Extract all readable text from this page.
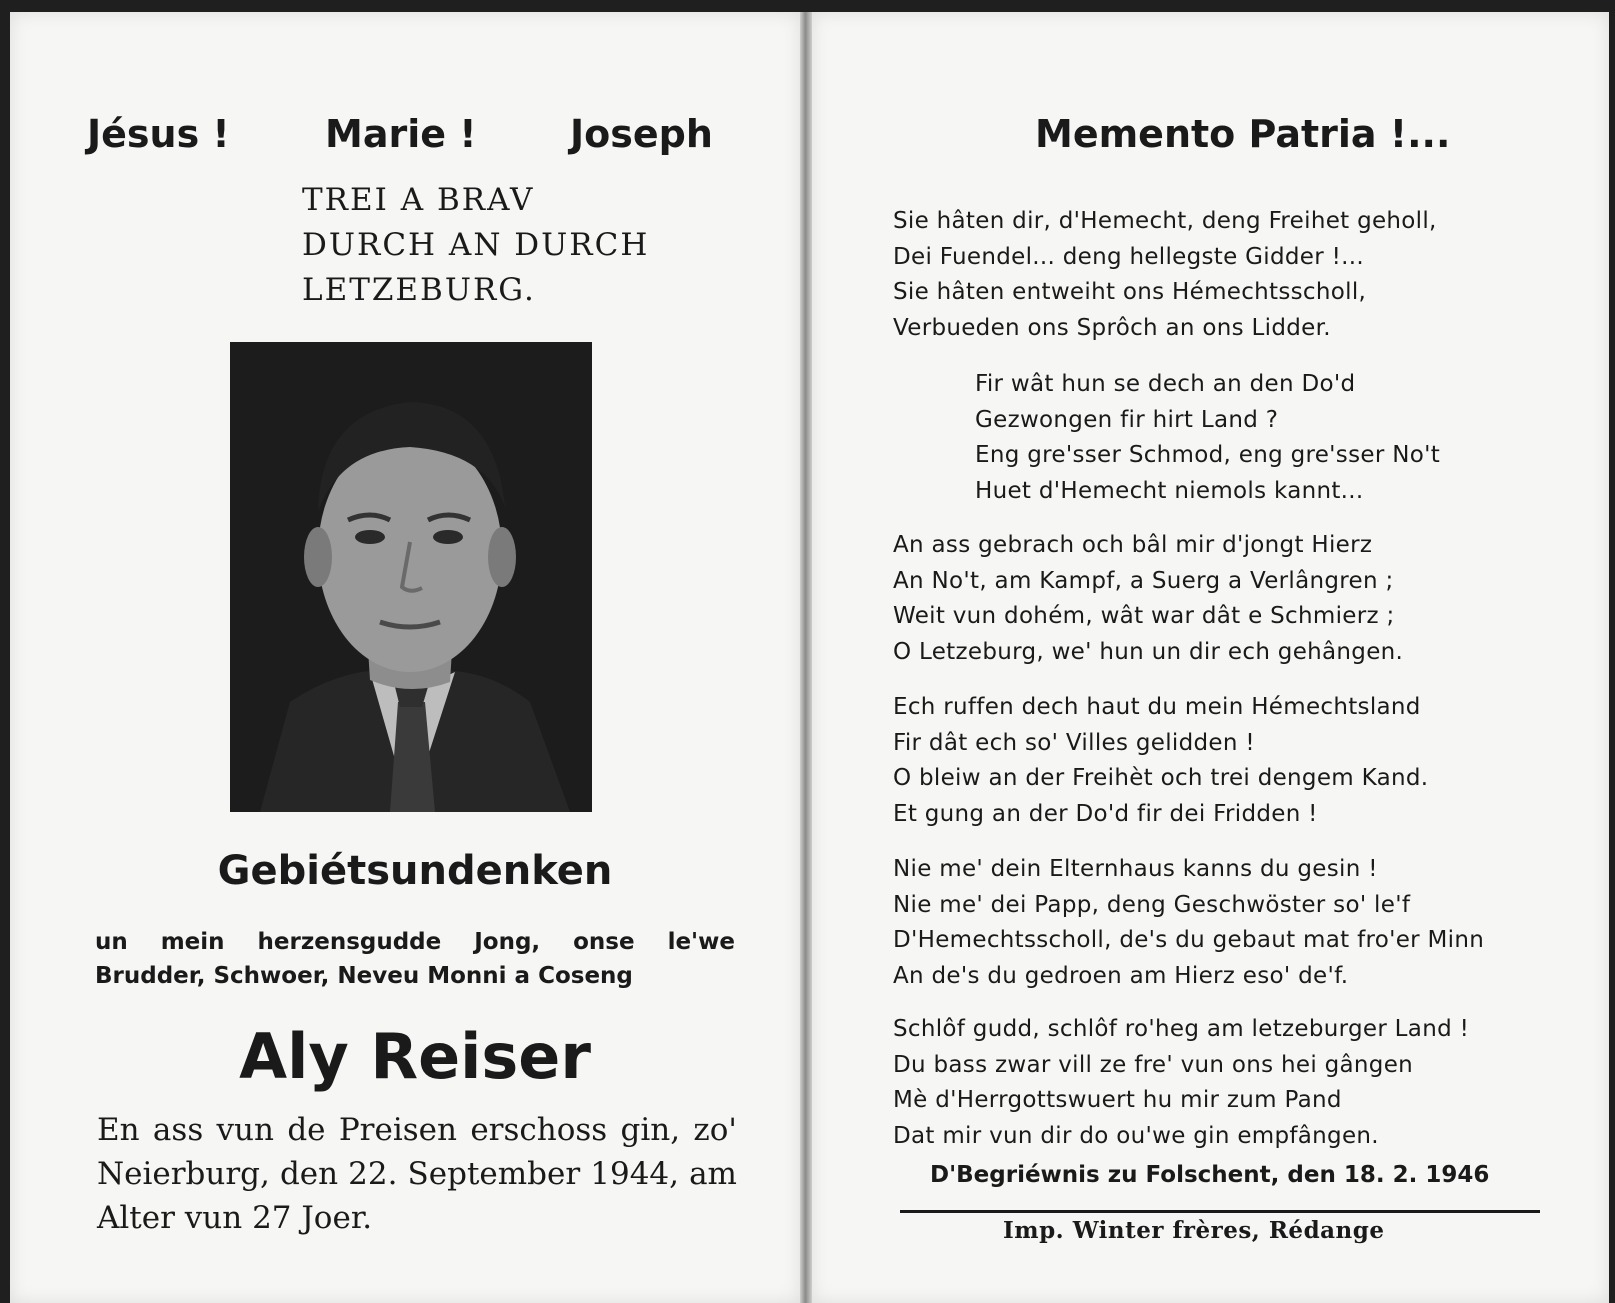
Jésus !	Marie ! Joseph

TREI A BRAV
DURCH AN DURCH
LETZEBURG.

Gebiétsundenken

un mein herzensgudde Jong, onse le'we
Brudder, Schwoer, Neveu Monni a Coseng

Aly Reiser

En ass vun de Preisen erschoss gin, zo'
Neierburg, den 22. September 1944, am
Alter vun 27 Joer.

Memento Patria !...

Sie hâten dir, d'Hemecht, deng Freihet geholl,
Dei Fuendel... deng hellegste Gidder !...
Sie hâten entweiht ons Hémechtsscholl,
Verbueden ons Sprôch an ons Lidder.
Fir wât hun se dech an den Do'd
Gezwongen fir hirt Land ?
Eng gre'sser Schmod, eng gre'sser No't
Huet d'Hemecht niemols kannt...
An ass gebrach och bâl mir d'jongt Hierz
An No't, am Kampf, a Suerg a Verlângren ;
Weit vun dohém, wât war dât e Schmierz ;
O Letzeburg, we' hun un dir ech gehângen.
Ech ruffen dech haut du mein Hémechtsland
Fir dât ech so' Villes gelidden !
O bleiw an der Freihèt och trei dengem Kand.
Et gung an der Do'd fir dei Fridden !
Nie me' dein Elternhaus kanns du gesin !
Nie me' dei Papp, deng Geschwöster so' le'f
D'Hemechtsscholl, de's du gebaut mat fro'er Minn
An de's du gedroen am Hierz eso' de'f.
Schlôf gudd, schlôf ro'heg am letzeburger Land !
Du bass zwar vill ze fre' vun ons hei gângen
Mè d'Herrgottswuert hu mir zum Pand
Dat mir vun dir do ou'we gin empfângen.

D'Begriéwnis zu Folschent, den 18. 2. 1946

Imp. Winter frères, Rédange
